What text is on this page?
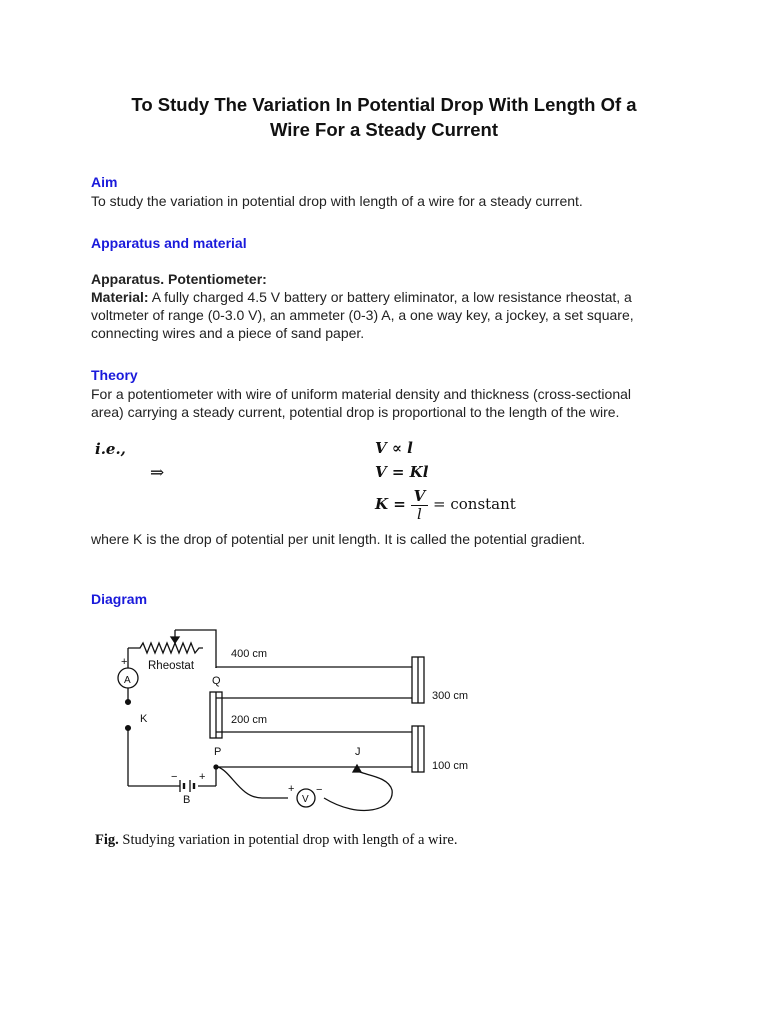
To Study The Variation In Potential Drop With Length Of a
Wire For a Steady Current
Aim
To study the variation in potential drop with length of a wire for a steady current.
Apparatus and material
Apparatus. Potentiometer:
Material: A fully charged 4.5 V battery or battery eliminator, a low resistance rheostat, a
voltmeter of range (0-3.0 V), an ammeter (0-3) A, a one way key, a jockey, a set square,
connecting wires and a piece of sand paper.
Theory
For a potentiometer with wire of uniform material density and thickness (cross-sectional
area) carrying a steady current, potential drop is proportional to the length of the wire.
i.e.,
⇒
V ∝ l
V = Kl
$K = \frac{V}{l}$ = constant
where K is the drop of potential per unit length. It is called the potential gradient.
Diagram
+ Rheostat
A
K
Q
P	J
B
− +
+
V
−
400 cm
300 cm
200 cm
100 cm
Fig. Studying variation in potential drop with length of a wire.
